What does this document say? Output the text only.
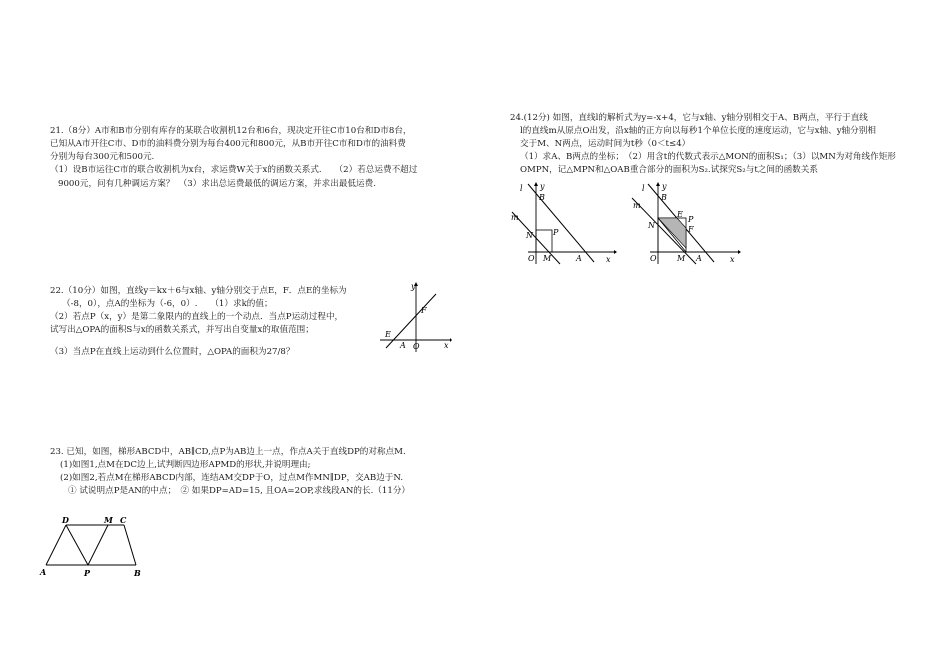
21.（8分）A市和B市分别有库存的某联合收割机12台和6台，现决定开往C市10台和D市8台，
已知从A市开往C市、D市的油料费分别为每台400元和800元，从B市开往C市和D市的油料费
分别为每台300元和500元.
（1）设B市运往C市的联合收割机为x台，求运费W关于x的函数关系式.　　（2）若总运费不超过
9000元，问有几种调运方案？　（3）求出总运费最低的调运方案，并求出最低运费.
22.（10分）如图，直线y＝kx＋6与x轴、y轴分别交于点E，F．点E的坐标为
（-8，0），点A的坐标为（-6，0）.　　（1）求k的值；
（2）若点P（x，y）是第二象限内的直线上的一个动点．当点P运动过程中，
试写出△OPA的面积S与x的函数关系式，并写出自变量x的取值范围；
（3）当点P在直线上运动到什么位置时，△OPA的面积为27/8？
y
x
E
A O
F
23. 已知，如图，梯形ABCD中，AB∥CD,点P为AB边上一点，作点A关于直线DP的对称点M.
(1)如图1,点M在DC边上,试判断四边形APMD的形状,并说明理由;
(2)如图2,若点M在梯形ABCD内部，连结AM交DP于O，过点M作MN∥DP，交AB边于N.
① 试说明点P是AN的中点；　② 如果DP=AD=15, 且OA=2OP,求线段AN的长.（11分）
D	M C
A	P	B
24.(12分) 如图，直线l的解析式为y=-x+4，它与x轴、y轴分别相交于A、B两点，平行于直线
l的直线m从原点O出发，沿x轴的正方向以每秒1个单位长度的速度运动，它与x轴、y轴分别相
交于M、N两点，运动时间为t秒（0＜t≤4）
（1）求A、B两点的坐标；　（2）用含t的代数式表示△MON的面积S₁；（3）以MN为对角线作矩形
OMPN，记△MPN和△OAB重合部分的面积为S₂.试探究S₂与t之间的函数关系
l y
B
m
N	P
O M	A	x
l y
B
m
E
P
N	F
O	M A	x
